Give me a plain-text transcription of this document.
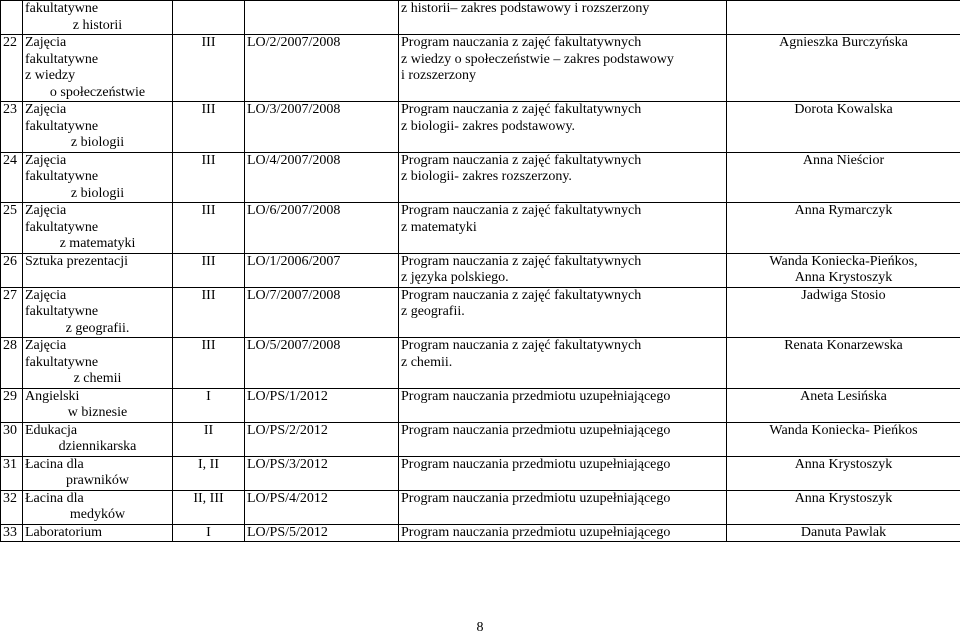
	fakultatywne
z historii			z historii– zakres podstawowy i rozszerzony	

22	Zajęcia
fakultatywne
z wiedzy
o społeczeństwie	III	LO/2/2007/2008	Program nauczania z zajęć fakultatywnych
z wiedzy o społeczeństwie – zakres podstawowy
i rozszerzony	Agnieszka Burczyńska

23	Zajęcia
fakultatywne
z biologii	III	LO/3/2007/2008	Program nauczania z zajęć fakultatywnych
z biologii- zakres podstawowy.	Dorota Kowalska

24	Zajęcia
fakultatywne
z biologii	III	LO/4/2007/2008	Program nauczania z zajęć fakultatywnych
z biologii- zakres rozszerzony.	Anna Nieścior

25	Zajęcia
fakultatywne
z matematyki	III	LO/6/2007/2008	Program nauczania z zajęć fakultatywnych
z matematyki	Anna Rymarczyk

26	Sztuka prezentacji	III	LO/1/2006/2007	Program nauczania z zajęć fakultatywnych
z języka polskiego.	Wanda Koniecka-Pieńkos,
Anna Krystoszyk

27	Zajęcia
fakultatywne
z geografii.	III	LO/7/2007/2008	Program nauczania z zajęć fakultatywnych
z geografii.	Jadwiga Stosio

28	Zajęcia
fakultatywne
z chemii	III	LO/5/2007/2008	Program nauczania z zajęć fakultatywnych
z chemii.	Renata Konarzewska

29	Angielski
w biznesie	I	LO/PS/1/2012	Program nauczania przedmiotu uzupełniającego	Aneta Lesińska

30	Edukacja
dziennikarska	II	LO/PS/2/2012	Program nauczania przedmiotu uzupełniającego	Wanda Koniecka- Pieńkos

31	Łacina dla
prawników	I, II	LO/PS/3/2012	Program nauczania przedmiotu uzupełniającego	Anna Krystoszyk

32	Łacina dla
medyków	II, III	LO/PS/4/2012	Program nauczania przedmiotu uzupełniającego	Anna Krystoszyk

33	Laboratorium	I	LO/PS/5/2012	Program nauczania przedmiotu uzupełniającego	Danuta Pawlak
8
